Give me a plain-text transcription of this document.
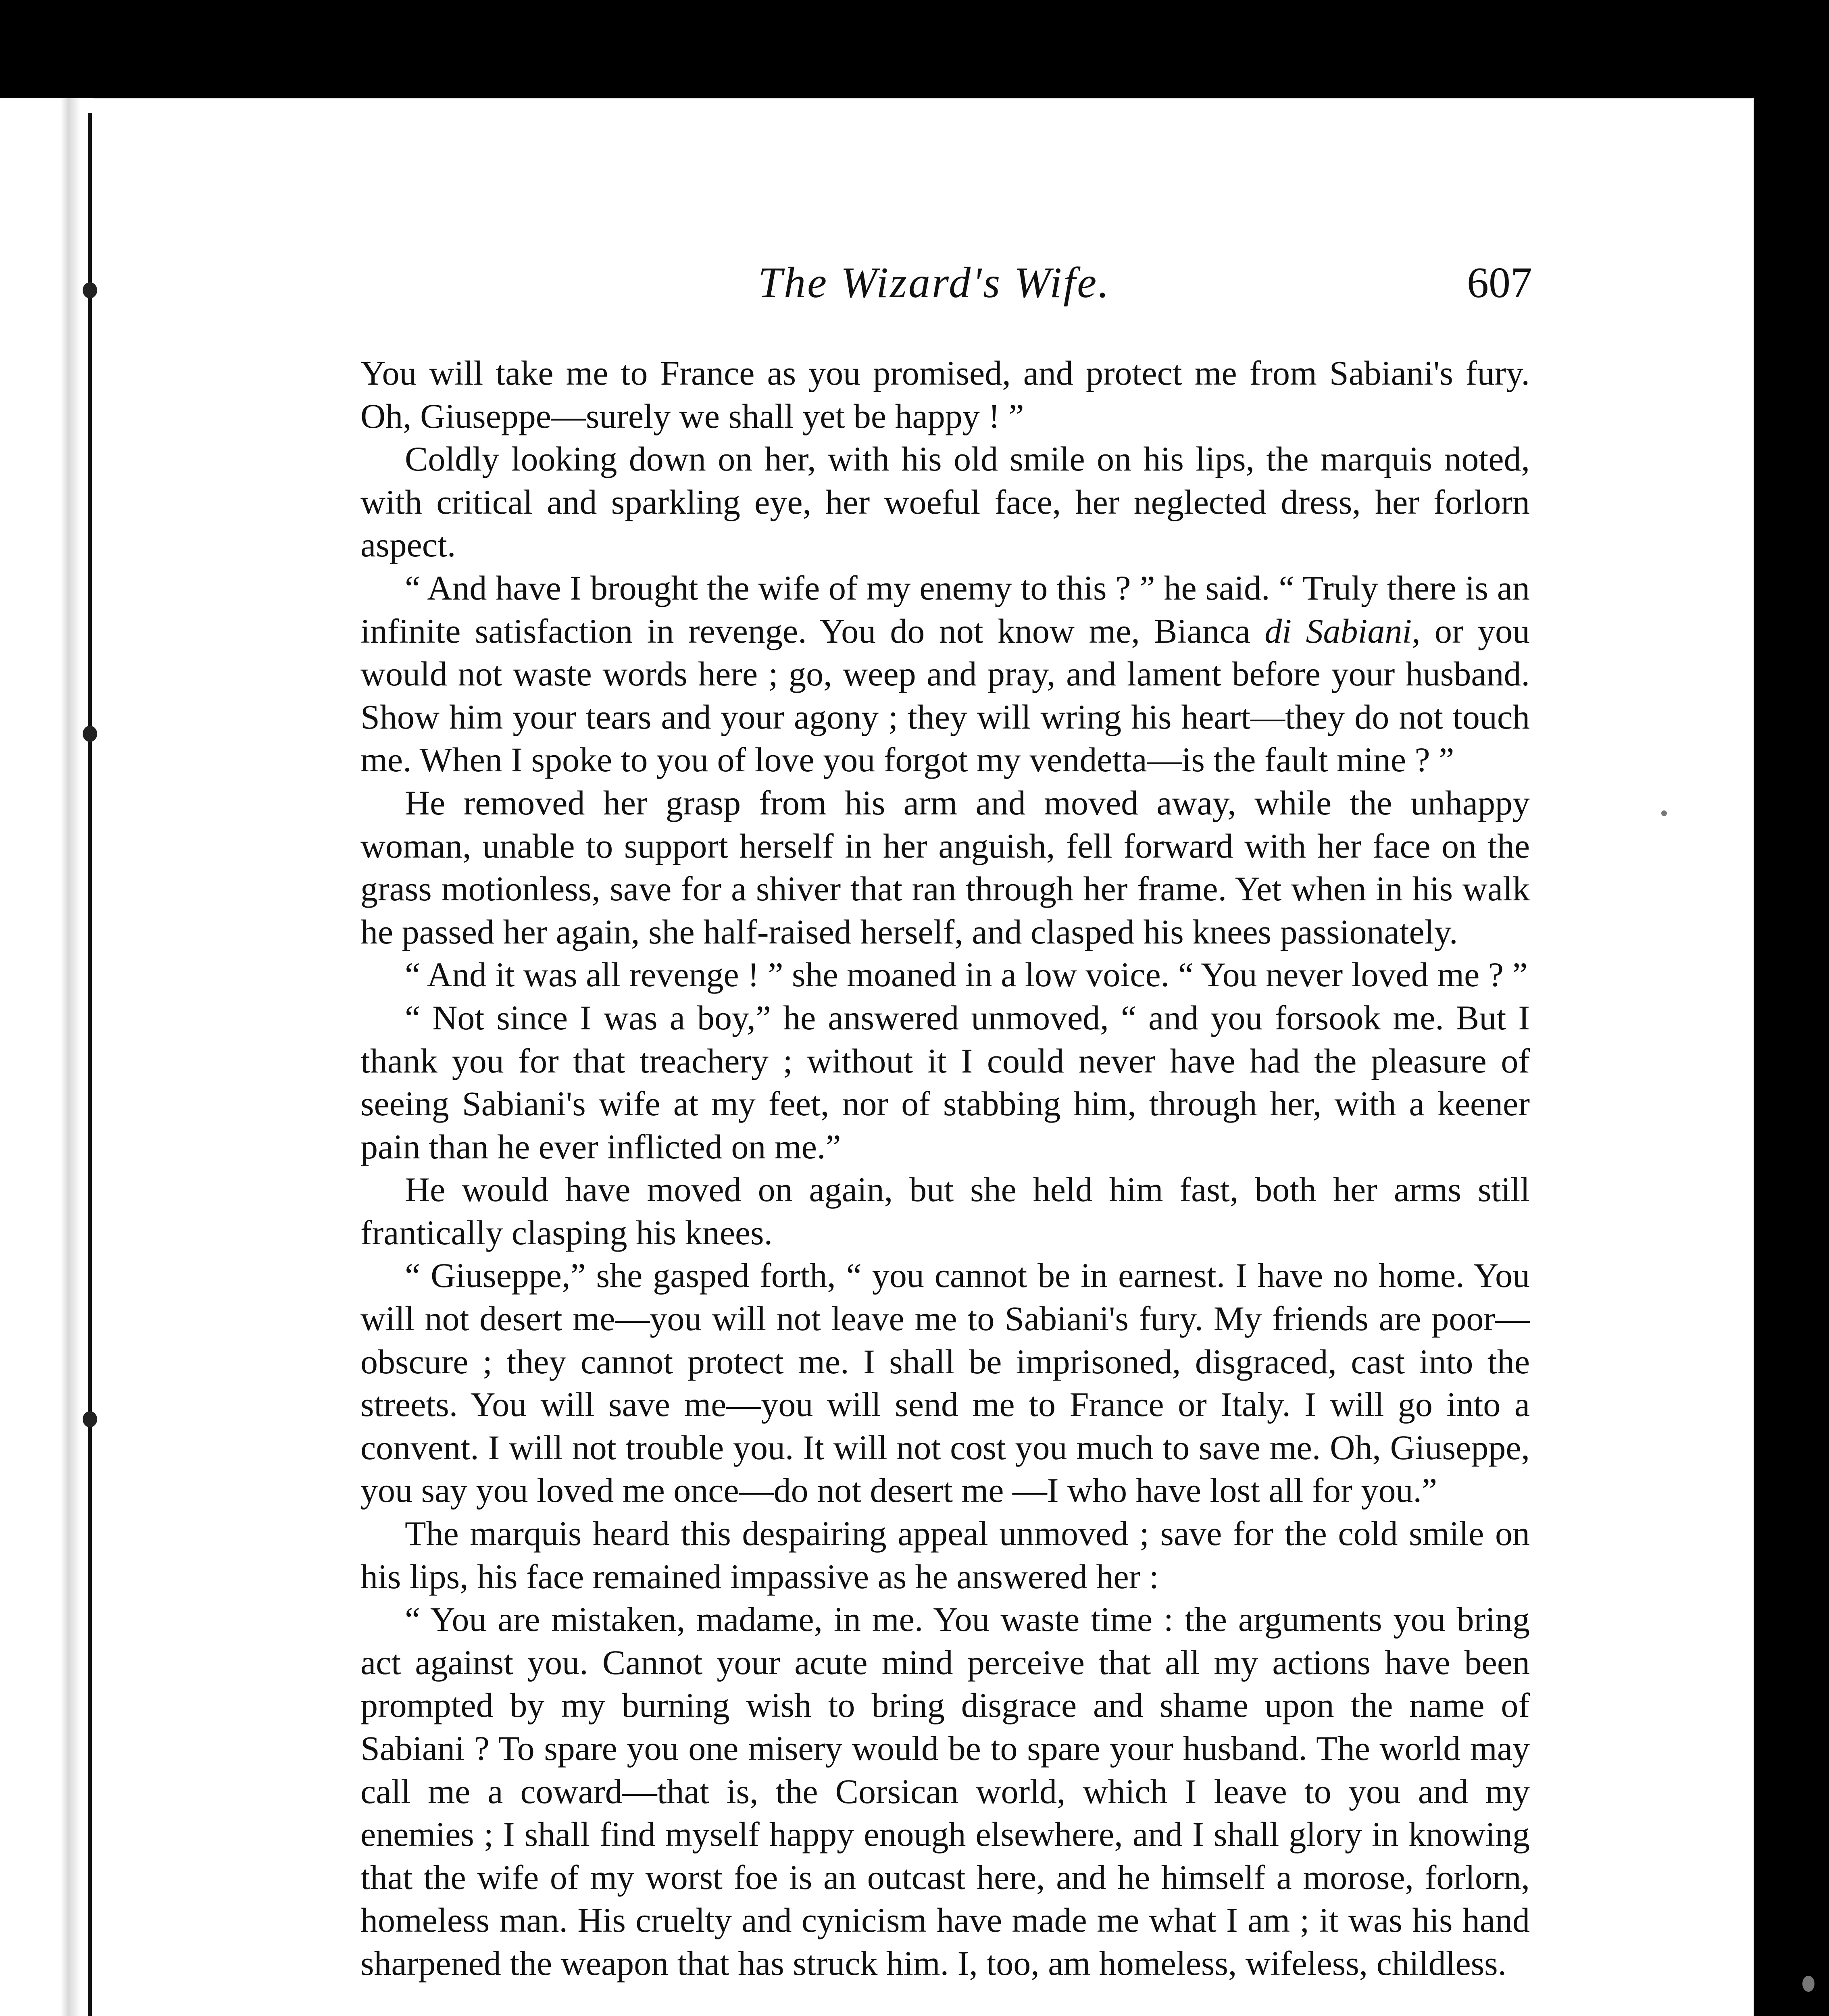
The Wizard's Wife.	607

You will take me to France as you promised, and protect me from Sabiani's fury. Oh, Giuseppe—surely we shall yet be happy ! ”

Coldly looking down on her, with his old smile on his lips, the marquis noted, with critical and sparkling eye, her woeful face, her neglected dress, her forlorn aspect.

“ And have I brought the wife of my enemy to this ? ” he said. “ Truly there is an infinite satisfaction in revenge. You do not know me, Bianca di Sabiani, or you would not waste words here ; go, weep and pray, and lament before your husband. Show him your tears and your agony ; they will wring his heart—they do not touch me. When I spoke to you of love you forgot my vendetta—is the fault mine ? ”

He removed her grasp from his arm and moved away, while the unhappy woman, unable to support herself in her anguish, fell forward with her face on the grass motionless, save for a shiver that ran through her frame. Yet when in his walk he passed her again, she half-raised herself, and clasped his knees passionately.

“ And it was all revenge ! ” she moaned in a low voice. “ You never loved me ? ”

“ Not since I was a boy,” he answered unmoved, “ and you forsook me. But I thank you for that treachery ; without it I could never have had the pleasure of seeing Sabiani's wife at my feet, nor of stabbing him, through her, with a keener pain than he ever inflicted on me.”

He would have moved on again, but she held him fast, both her arms still frantically clasping his knees.

“ Giuseppe,” she gasped forth, “ you cannot be in earnest. I have no home. You will not desert me—you will not leave me to Sabiani's fury. My friends are poor—obscure ; they cannot protect me. I shall be imprisoned, disgraced, cast into the streets. You will save me—you will send me to France or Italy. I will go into a convent. I will not trouble you. It will not cost you much to save me. Oh, Giuseppe, you say you loved me once—do not desert me —I who have lost all for you.”

The marquis heard this despairing appeal unmoved ; save for the cold smile on his lips, his face remained impassive as he answered her :

“ You are mistaken, madame, in me. You waste time : the arguments you bring act against you. Cannot your acute mind perceive that all my actions have been prompted by my burning wish to bring disgrace and shame upon the name of Sabiani ? To spare you one misery would be to spare your husband. The world may call me a coward—that is, the Corsican world, which I leave to you and my enemies ; I shall find myself happy enough elsewhere, and I shall glory in knowing that the wife of my worst foe is an outcast here, and he himself a morose, forlorn, homeless man. His cruelty and cynicism have made me what I am ; it was his hand sharpened the weapon that has struck him. I, too, am homeless, wifeless, childless.
